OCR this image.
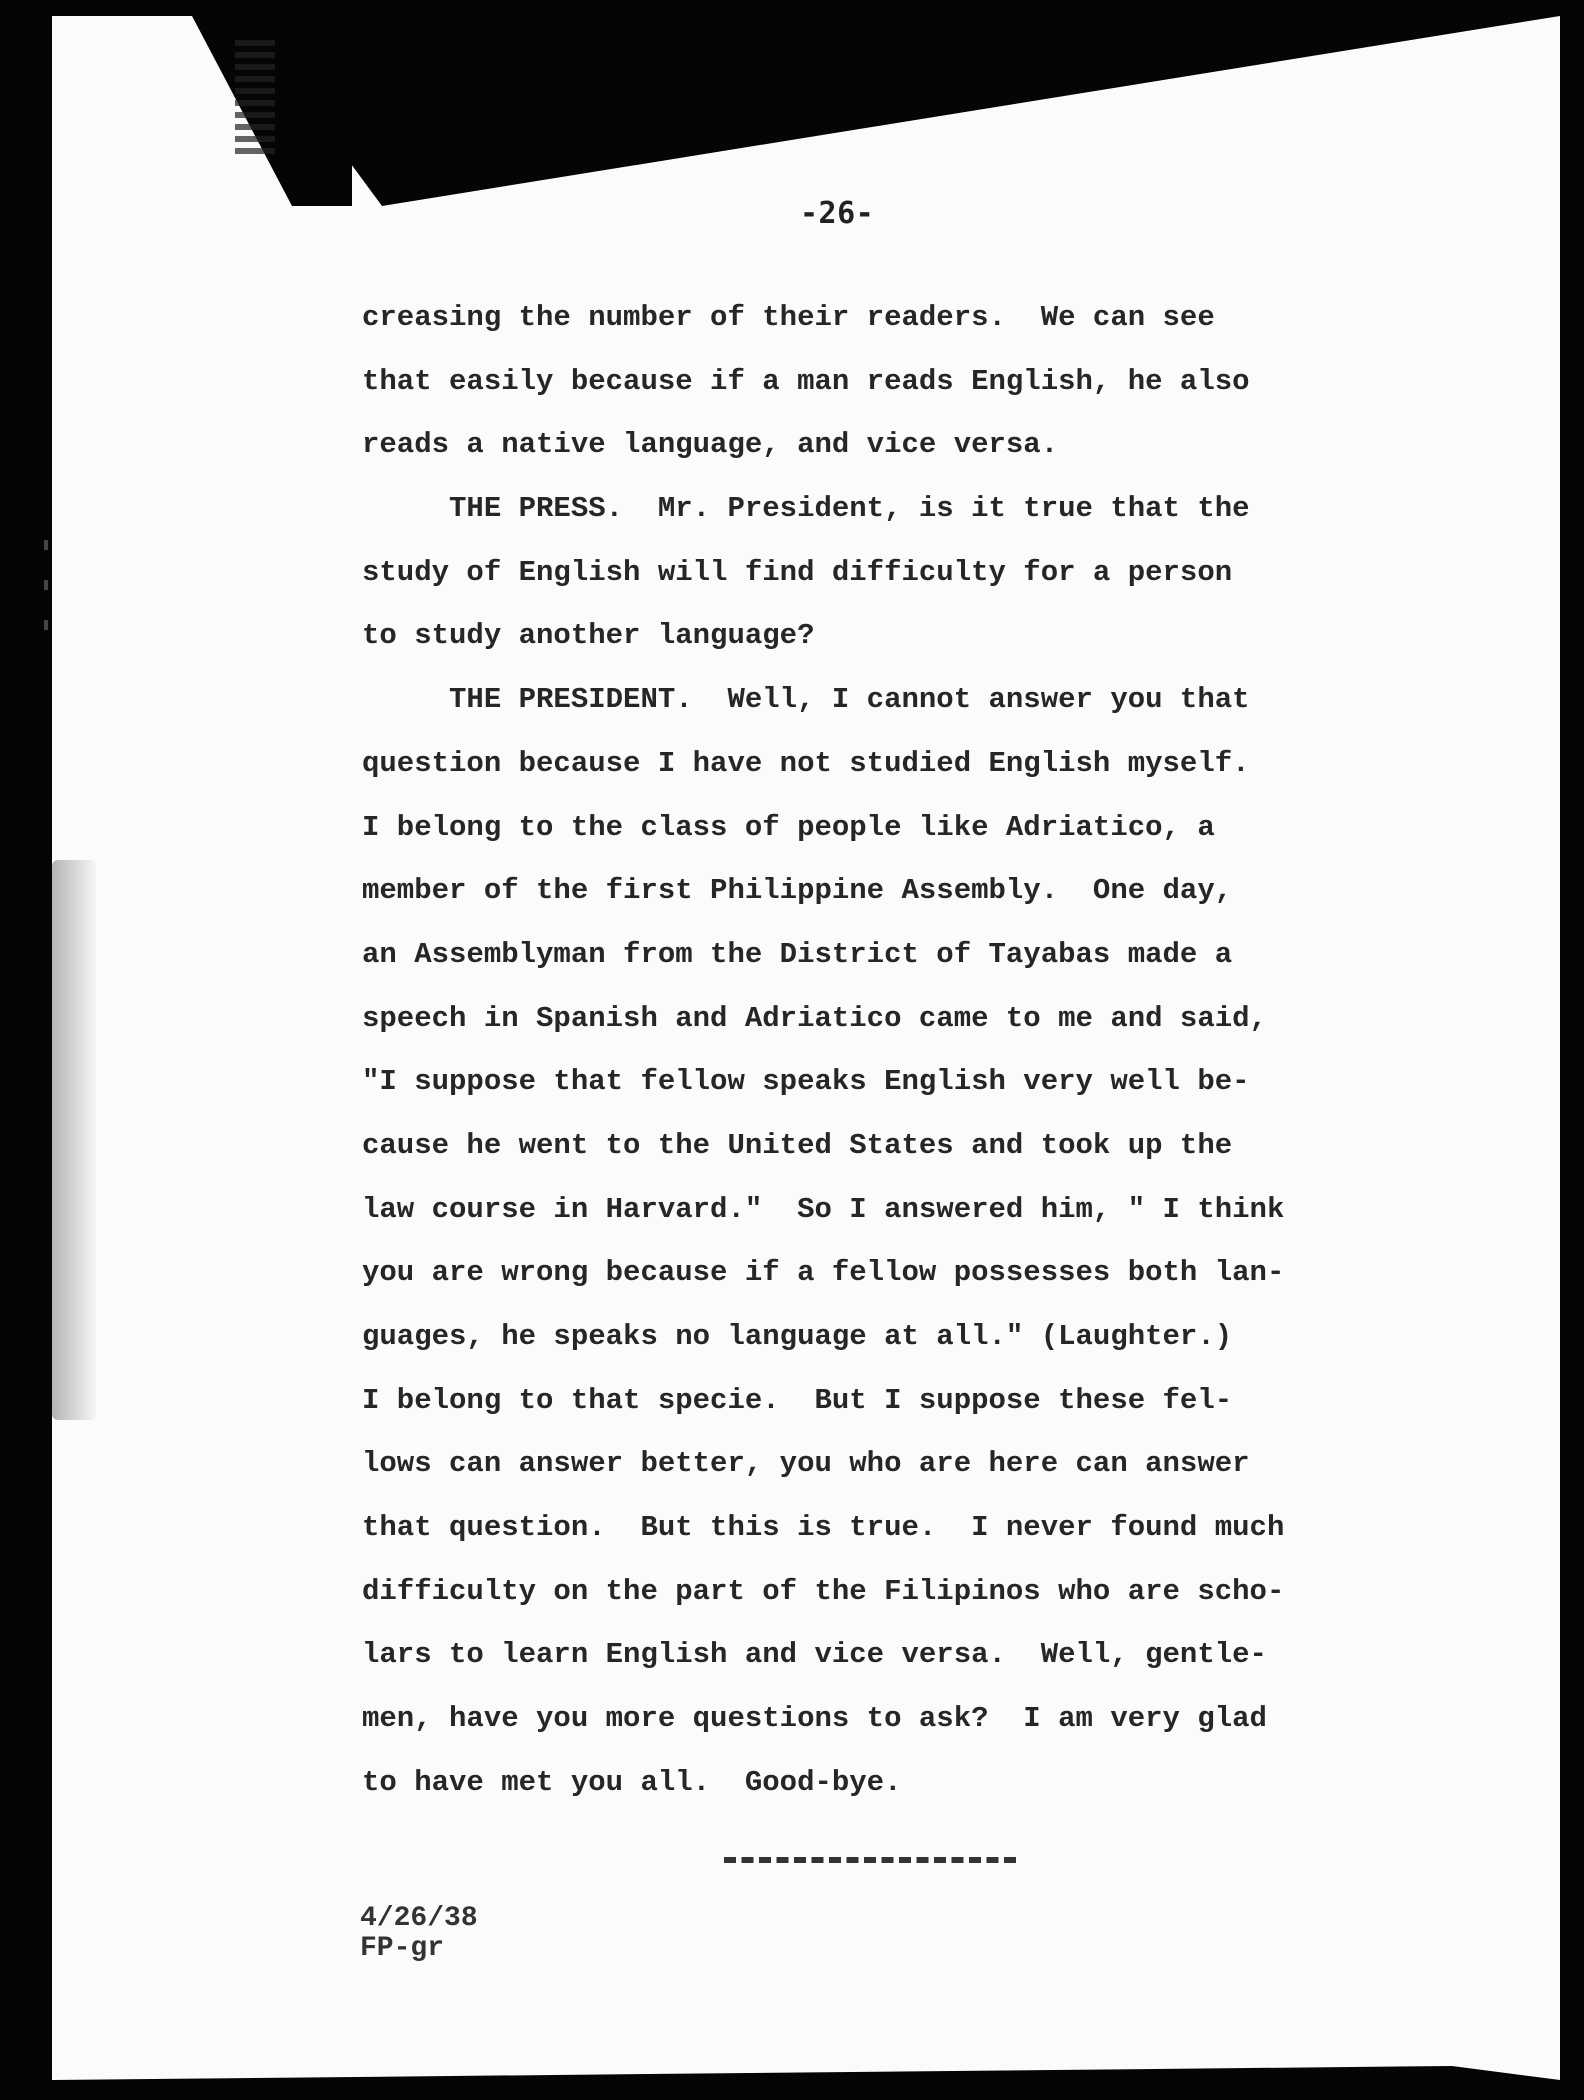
-26-
creasing the number of their readers.  We can see
that easily because if a man reads English, he also
reads a native language, and vice versa.
THE PRESS.  Mr. President, is it true that the
study of English will find difficulty for a person
to study another language?
THE PRESIDENT.  Well, I cannot answer you that
question because I have not studied English myself.
I belong to the class of people like Adriatico, a
member of the first Philippine Assembly.  One day,
an Assemblyman from the District of Tayabas made a
speech in Spanish and Adriatico came to me and said,
"I suppose that fellow speaks English very well be-
cause he went to the United States and took up the
law course in Harvard."  So I answered him, " I think
you are wrong because if a fellow possesses both lan-
guages, he speaks no language at all." (Laughter.)
I belong to that specie.  But I suppose these fel-
lows can answer better, you who are here can answer
that question.  But this is true.  I never found much
difficulty on the part of the Filipinos who are scho-
lars to learn English and vice versa.  Well, gentle-
men, have you more questions to ask?  I am very glad
to have met you all.  Good-bye.
4/26/38
FP-gr
